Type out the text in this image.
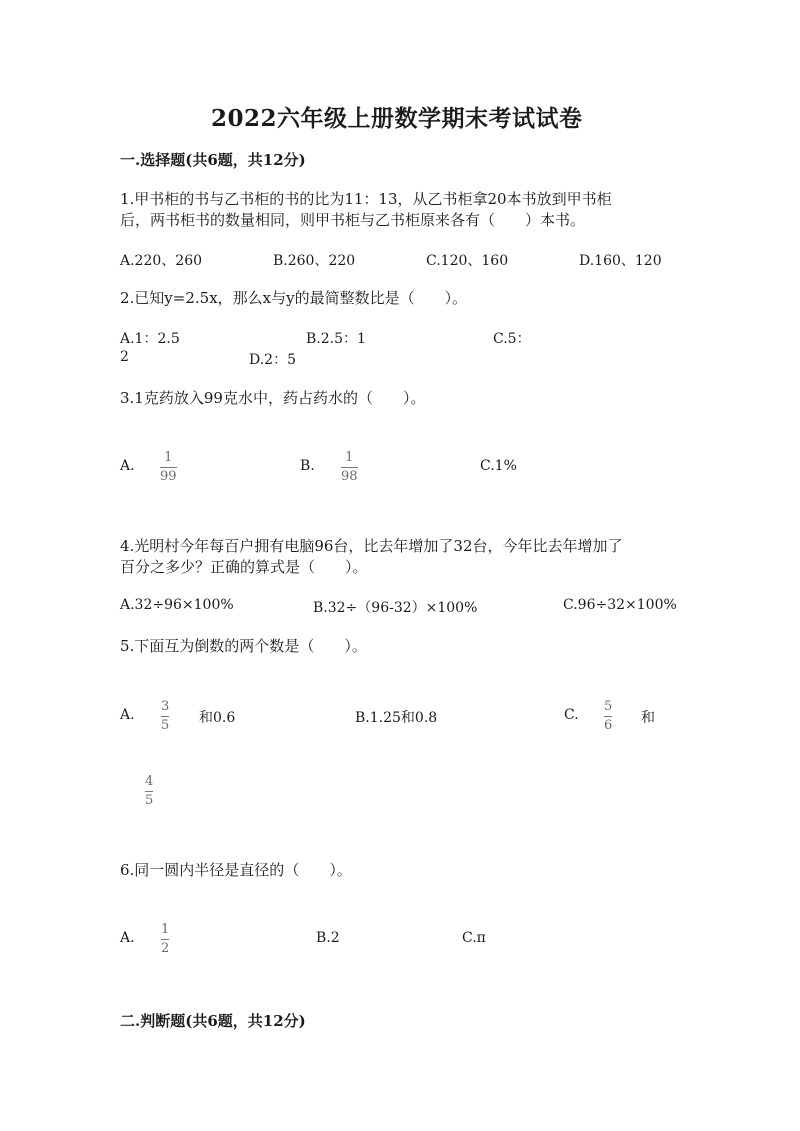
2022六年级上册数学期末考试试卷
一.选择题(共6题，共12分)
1.甲书柜的书与乙书柜的书的比为11：13，从乙书柜拿20本书放到甲书柜
后，两书柜书的数量相同，则甲书柜与乙书柜原来各有（　　）本书。
A.220、260	B.260、220	C.120、160	D.160、120
2.已知y=2.5x，那么x与y的最简整数比是（　　）。
A.1：2.5	B.2.5：1	C.5：
2	D.2：5
3.1克药放入99克水中，药占药水的（　　）。
A.
1
99
B.
1
98
C.1%
4.光明村今年每百户拥有电脑96台，比去年增加了32台，今年比去年增加了
百分之多少？正确的算式是（　　）。
A.32÷96×100%	B.32÷（96-32）×100%	C.96÷32×100%
5.下面互为倒数的两个数是（　　）。
A.
3
5 和0.6	B.1.25和0.8	C.
5
6 和
4
5
6.同一圆内半径是直径的（　　）。
A.
1
2
B.2	C.π
二.判断题(共6题，共12分)
